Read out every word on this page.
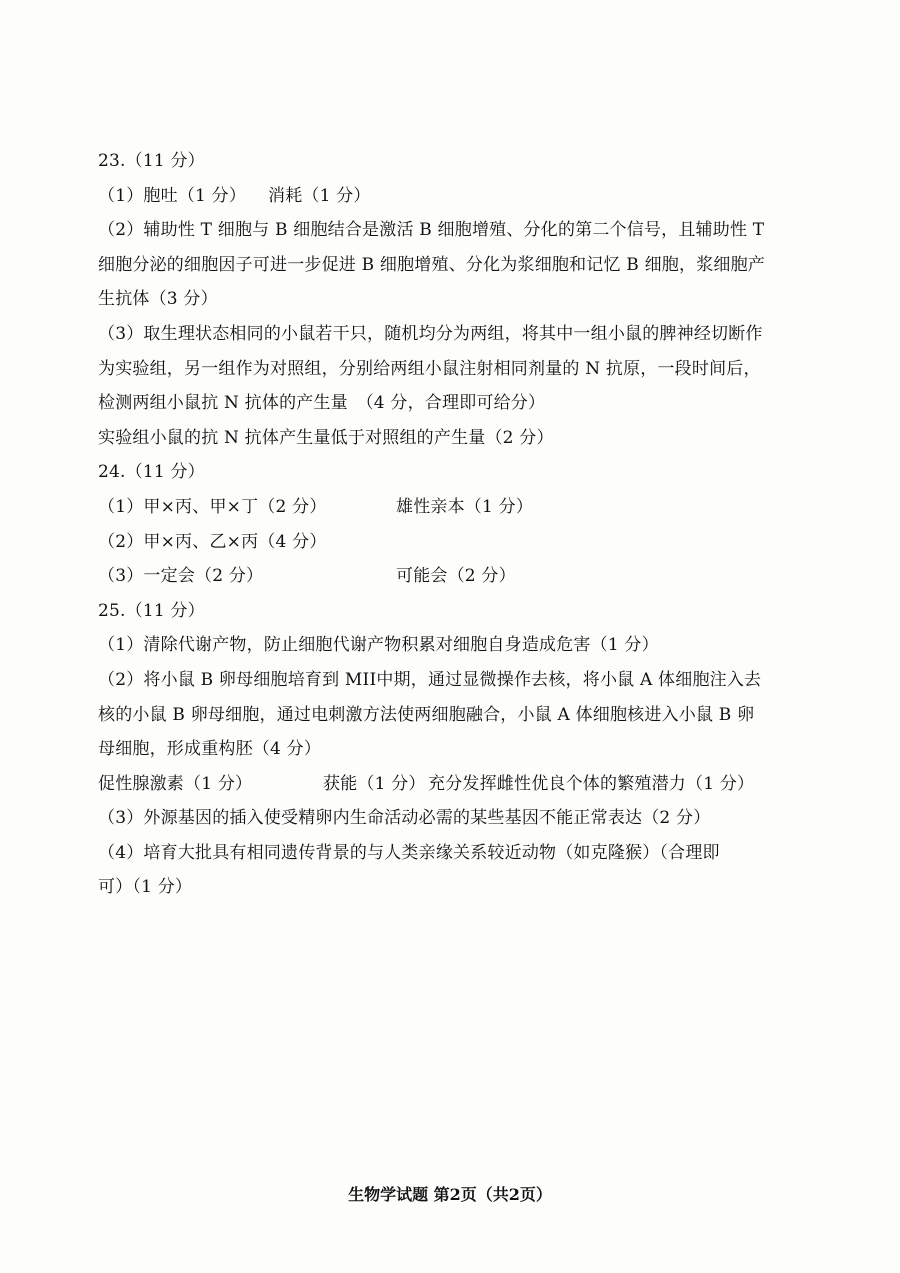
23.（11 分）
（1）胞吐（1 分） 消耗（1 分）
（2）辅助性 T 细胞与 B 细胞结合是激活 B 细胞增殖、分化的第二个信号，且辅助性 T
细胞分泌的细胞因子可进一步促进 B 细胞增殖、分化为浆细胞和记忆 B 细胞，浆细胞产
生抗体（3 分）
（3）取生理状态相同的小鼠若干只，随机均分为两组，将其中一组小鼠的脾神经切断作
为实验组，另一组作为对照组，分别给两组小鼠注射相同剂量的 N 抗原，一段时间后，
检测两组小鼠抗 N 抗体的产生量　（4 分，合理即可给分）
实验组小鼠的抗 N 抗体产生量低于对照组的产生量（2 分）
24.（11 分）
（1）甲×丙、甲×丁（2 分）	雄性亲本（1 分）
（2）甲×丙、乙×丙（4 分）
（3）一定会（2 分）	可能会（2 分）
25.（11 分）
（1）清除代谢产物，防止细胞代谢产物积累对细胞自身造成危害（1 分）
（2）将小鼠 B 卵母细胞培育到 MII中期，通过显微操作去核，将小鼠 A 体细胞注入去
核的小鼠 B 卵母细胞，通过电刺激方法使两细胞融合，小鼠 A 体细胞核进入小鼠 B 卵
母细胞，形成重构胚（4 分）
促性腺激素（1 分）	获能（1 分） 充分发挥雌性优良个体的繁殖潜力（1 分）
（3）外源基因的插入使受精卵内生命活动必需的某些基因不能正常表达（2 分）
（4）培育大批具有相同遗传背景的与人类亲缘关系较近动物（如克隆猴）（合理即
可）（1 分）
生物学试题 第2页（共2页）
